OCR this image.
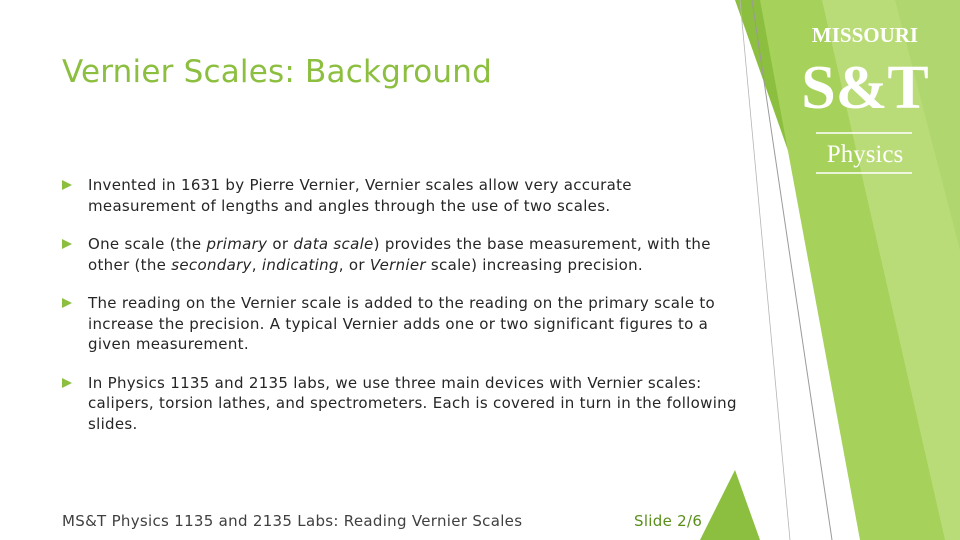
Vernier Scales: Background
Invented in 1631 by Pierre Vernier, Vernier scales allow very accurate measurement of lengths and angles through the use of two scales.
One scale (the primary or data scale) provides the base measurement, with the other (the secondary, indicating, or Vernier scale) increasing precision.
The reading on the Vernier scale is added to the reading on the primary scale to increase the precision. A typical Vernier adds one or two significant figures to a given measurement.
In Physics 1135 and 2135 labs, we use three main devices with Vernier scales: calipers, torsion lathes, and spectrometers. Each is covered in turn in the following slides.
MS&T Physics 1135 and 2135 Labs: Reading Vernier Scales	Slide 2/6
MISSOURI
S&T
Physics
